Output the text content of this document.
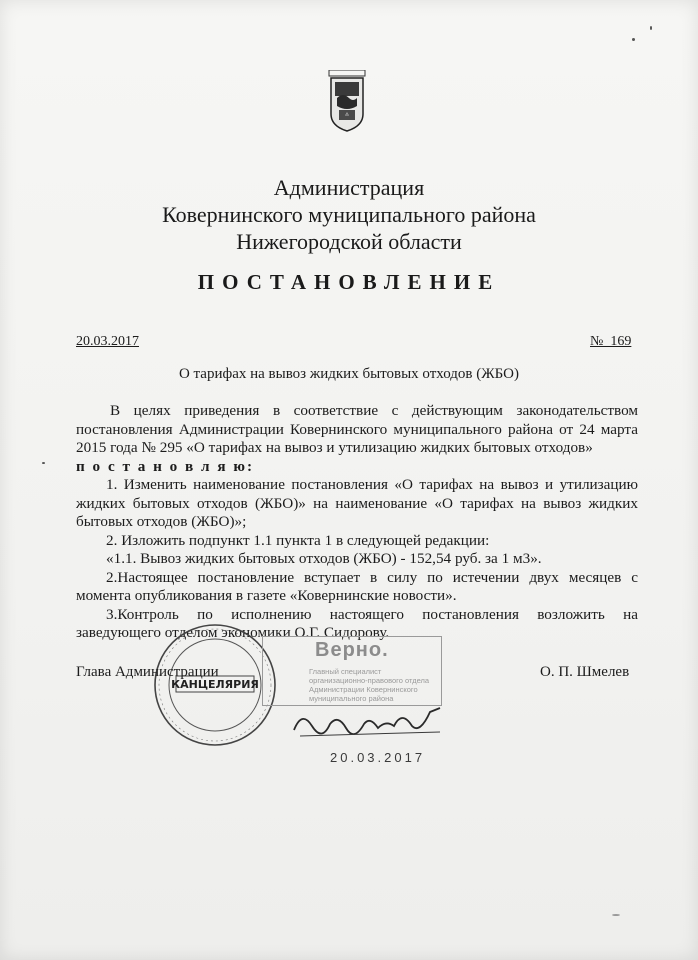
⁂
Администрация
Ковернинского муниципального района
Нижегородской области
ПОСТАНОВЛЕНИЕ
20.03.2017	№  169
О тарифах на вывоз жидких бытовых отходов (ЖБО)

В целях приведения в соответствие с действующим законодательством постановления Администрации Ковернинского муниципального района от 24 марта 2015 года № 295 «О тарифах на вывоз и утилизацию жидких бытовых отходов»

п о с т а н о в л я ю:

1. Изменить наименование постановления «О тарифах на вывоз и утилизацию жидких бытовых отходов (ЖБО)» на наименование «О тарифах на вывоз жидких бытовых отходов (ЖБО)»;

2. Изложить подпункт 1.1 пункта 1 в следующей редакции:

«1.1. Вывоз жидких бытовых отходов (ЖБО) - 152,54 руб. за 1 м3».

2.Настоящее постановление вступает в силу по истечении двух месяцев с момента опубликования в газете «Ковернинские новости».

3.Контроль по исполнению настоящего постановления возложить на заведующего отделом экономики О.Г. Сидорову.

КАНЦЕЛЯРИЯ
Глава Администрации	О. П. Шмелев
Верно.
Главный специалист
организационно-правового отдела
Администрации Ковернинского
муниципального района
20.03.2017
